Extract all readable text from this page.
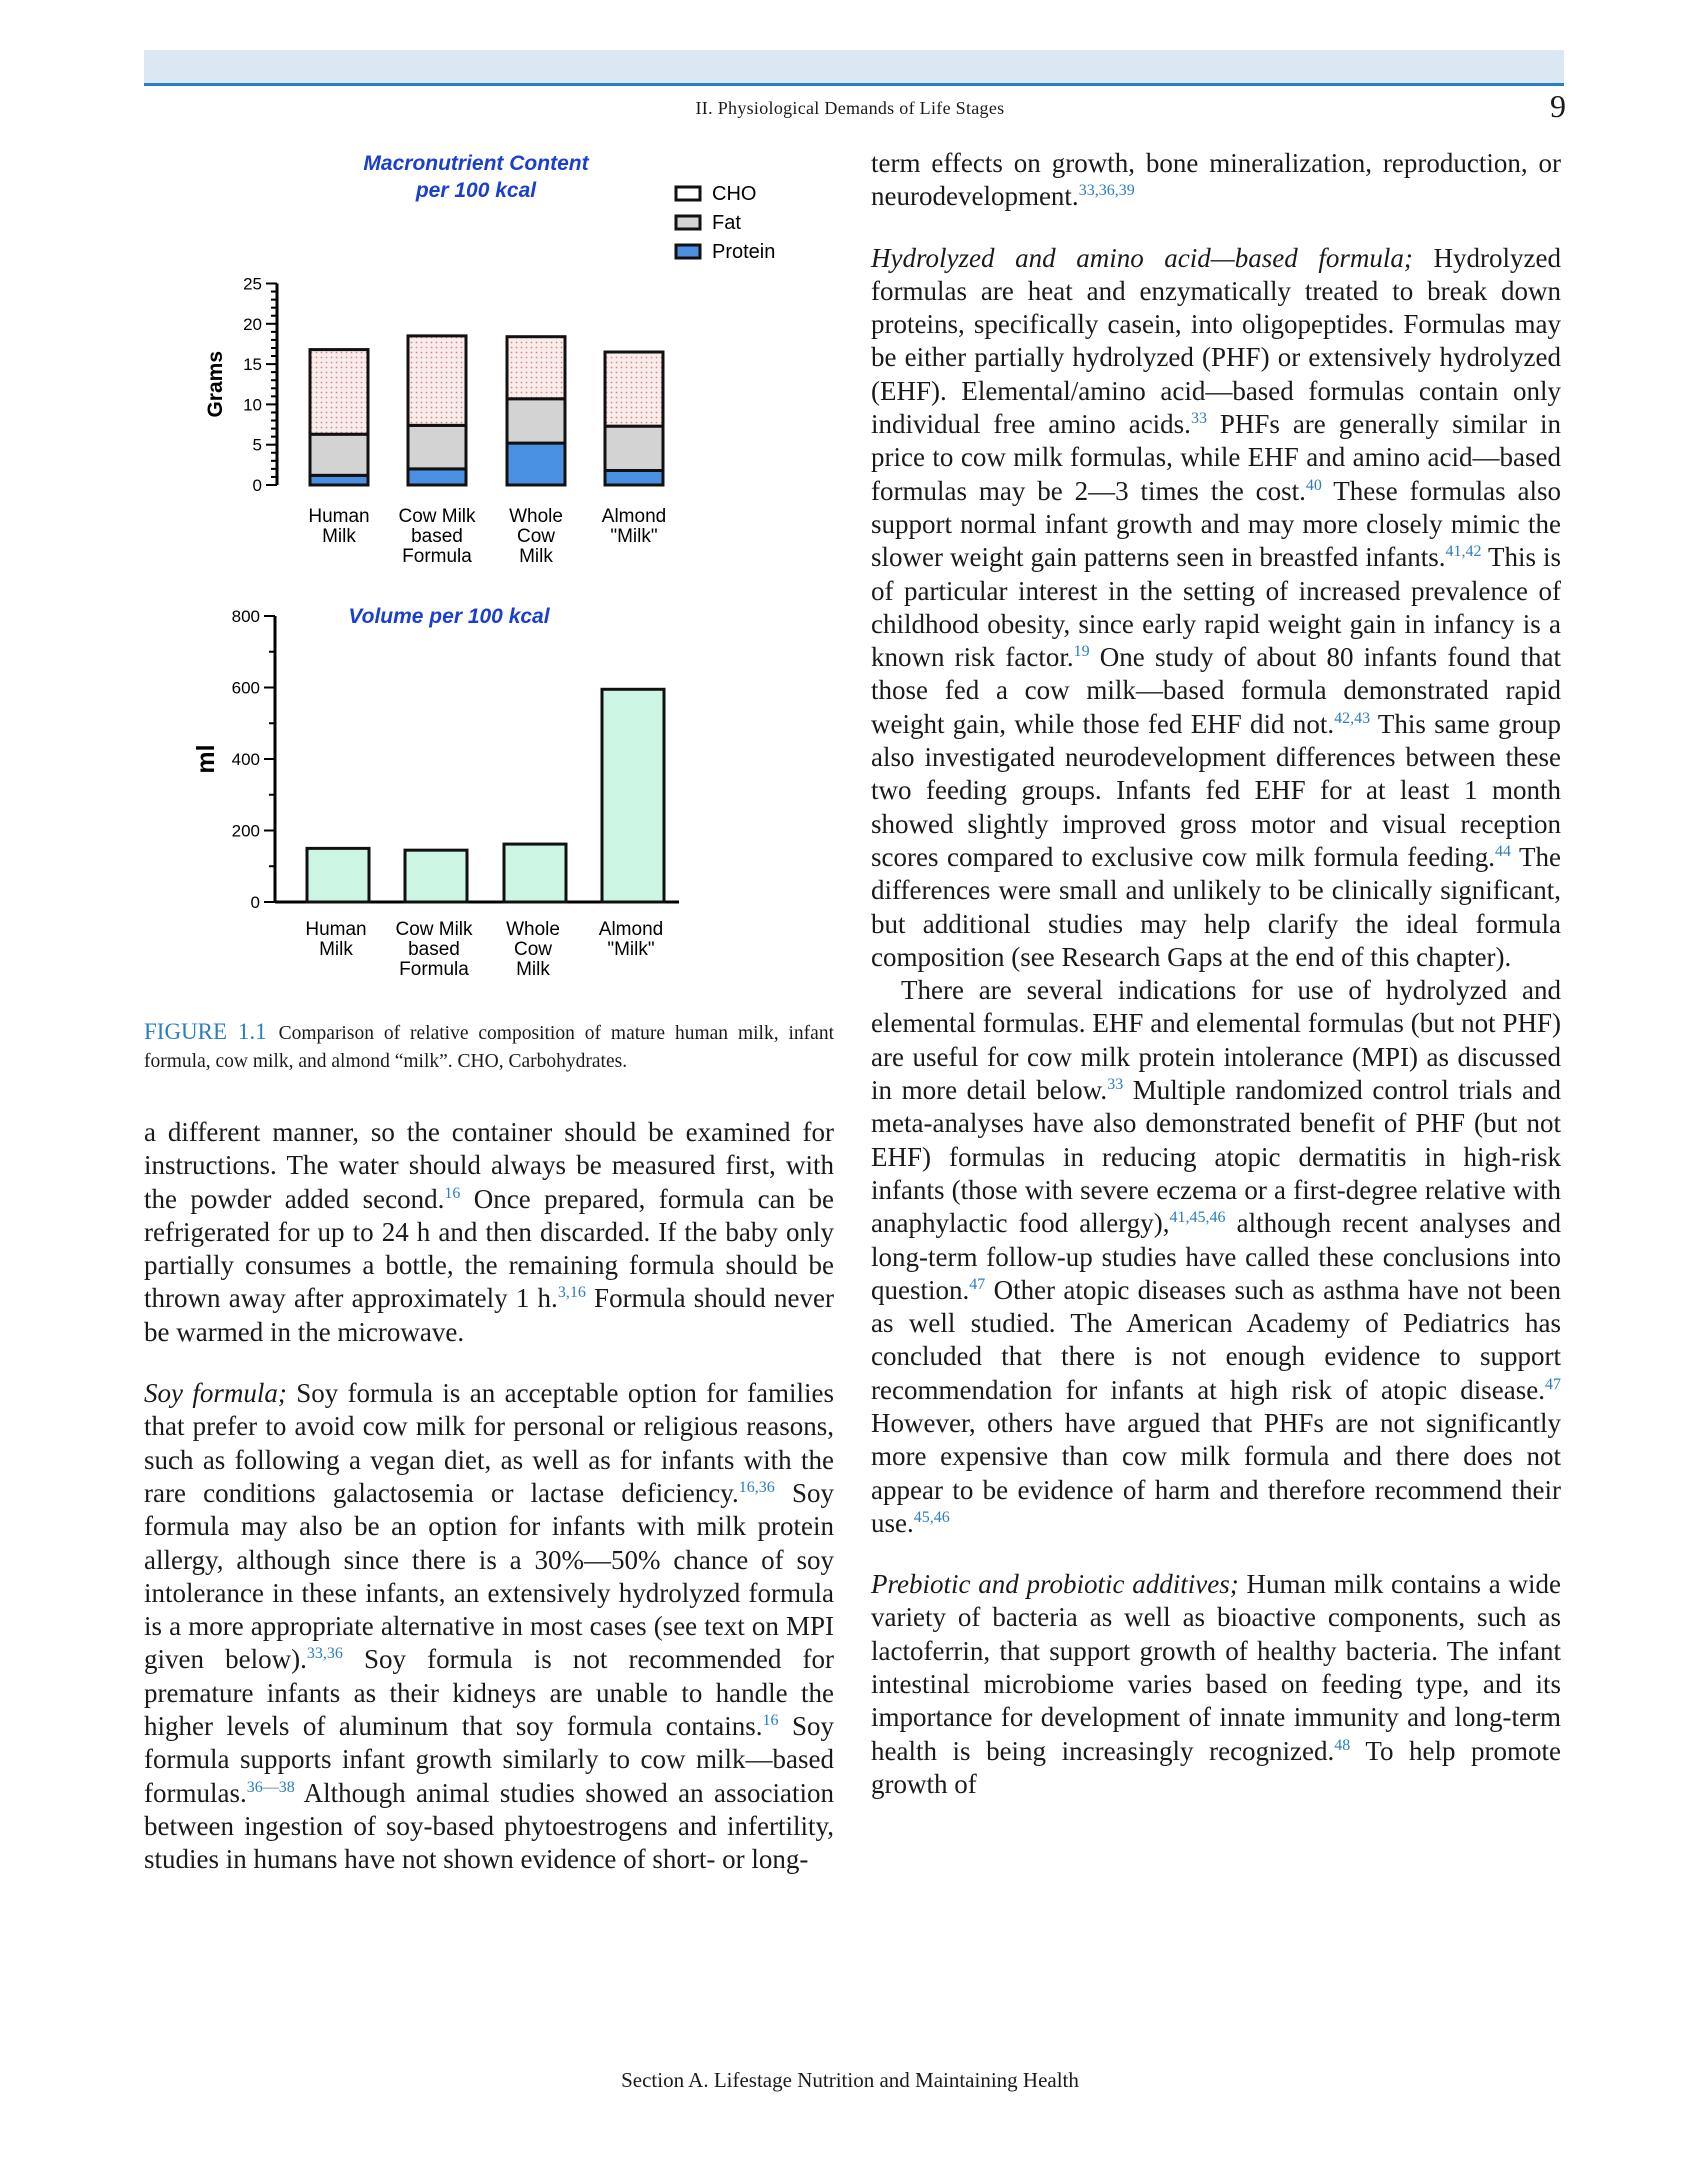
II. Physiological Demands of Life Stages	9
0
5
10
15
20
25
Grams
Macronutrient Content
per 100 kcal
Human
Milk
Cow Milk
based
Formula
Whole
Cow
Milk
Almond
"Milk"
CHO
Fat
Protein
0
200
400
600
800
ml
Volume per 100 kcal
Human
Milk
Cow Milk
based
Formula
Whole
Cow
Milk
Almond
"Milk"
FIGURE 1.1 Comparison of relative composition of mature human milk, infant formula, cow milk, and almond “milk”. CHO, Carbohydrates.

a different manner, so the container should be examined for instructions. The water should always be measured first, with the powder added second.$^{16}$ Once prepared, formula can be refrigerated for up to 24 h and then discarded. If the baby only partially consumes a bottle, the remaining formula should be thrown away after approximately 1 h.$^{3,16}$ Formula should never be warmed in the microwave.

Soy formula; Soy formula is an acceptable option for families that prefer to avoid cow milk for personal or religious reasons, such as following a vegan diet, as well as for infants with the rare conditions galactosemia or lactase deficiency.$^{16,36}$ Soy formula may also be an option for infants with milk protein allergy, although since there is a 30%—50% chance of soy intolerance in these infants, an extensively hydrolyzed formula is a more appropriate alternative in most cases (see text on MPI given below).$^{33,36}$ Soy formula is not recommended for premature infants as their kidneys are unable to handle the higher levels of aluminum that soy formula contains.$^{16}$ Soy formula supports infant growth similarly to cow milk—based formulas.$^{36—38}$ Although animal studies showed an association between ingestion of soy-based phytoestrogens and infertility, studies in humans have not shown evidence of short- or long-

term effects on growth, bone mineralization, reproduction, or neurodevelopment.$^{33,36,39}$

Hydrolyzed and amino acid—based formula; Hydrolyzed formulas are heat and enzymatically treated to break down proteins, specifically casein, into oligopeptides. Formulas may be either partially hydrolyzed (PHF) or extensively hydrolyzed (EHF). Elemental/amino acid—based formulas contain only individual free amino acids.$^{33}$ PHFs are generally similar in price to cow milk formulas, while EHF and amino acid—based formulas may be 2—3 times the cost.$^{40}$ These formulas also support normal infant growth and may more closely mimic the slower weight gain patterns seen in breastfed infants.$^{41,42}$ This is of particular interest in the setting of increased prevalence of childhood obesity, since early rapid weight gain in infancy is a known risk factor.$^{19}$ One study of about 80 infants found that those fed a cow milk—based formula demonstrated rapid weight gain, while those fed EHF did not.$^{42,43}$ This same group also investigated neurodevelopment differences between these two feeding groups. Infants fed EHF for at least 1 month showed slightly improved gross motor and visual reception scores compared to exclusive cow milk formula feeding.$^{44}$ The differences were small and unlikely to be clinically significant, but additional studies may help clarify the ideal formula composition (see Research Gaps at the end of this chapter).

There are several indications for use of hydrolyzed and elemental formulas. EHF and elemental formulas (but not PHF) are useful for cow milk protein intolerance (MPI) as discussed in more detail below.$^{33}$ Multiple randomized control trials and meta-analyses have also demonstrated benefit of PHF (but not EHF) formulas in reducing atopic dermatitis in high-risk infants (those with severe eczema or a first-degree relative with anaphylactic food allergy),$^{41,45,46}$ although recent analyses and long-term follow-up studies have called these conclusions into question.$^{47}$ Other atopic diseases such as asthma have not been as well studied. The American Academy of Pediatrics has concluded that there is not enough evidence to support recommendation for infants at high risk of atopic disease.$^{47}$ However, others have argued that PHFs are not significantly more expensive than cow milk formula and there does not appear to be evidence of harm and therefore recommend their use.$^{45,46}$

Prebiotic and probiotic additives; Human milk contains a wide variety of bacteria as well as bioactive components, such as lactoferrin, that support growth of healthy bacteria. The infant intestinal microbiome varies based on feeding type, and its importance for development of innate immunity and long-term health is being increasingly recognized.$^{48}$ To help promote growth of

Section A. Lifestage Nutrition and Maintaining Health
